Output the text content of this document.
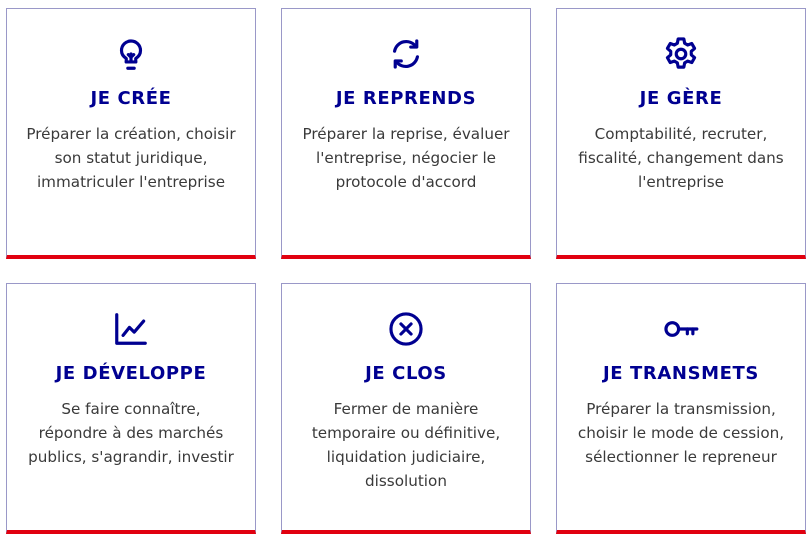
JE CRÉE
Préparer la création, choisir son statut juridique, immatriculer l'entreprise
JE REPRENDS
Préparer la reprise, évaluer l'entreprise, négocier le protocole d'accord
JE GÈRE
Comptabilité, recruter, fiscalité, changement dans l'entreprise
JE DÉVELOPPE
Se faire connaître, répondre à des marchés publics, s'agrandir, investir
JE CLOS
Fermer de manière temporaire ou définitive, liquidation judiciaire, dissolution
JE TRANSMETS
Préparer la transmission, choisir le mode de cession, sélectionner le repreneur
